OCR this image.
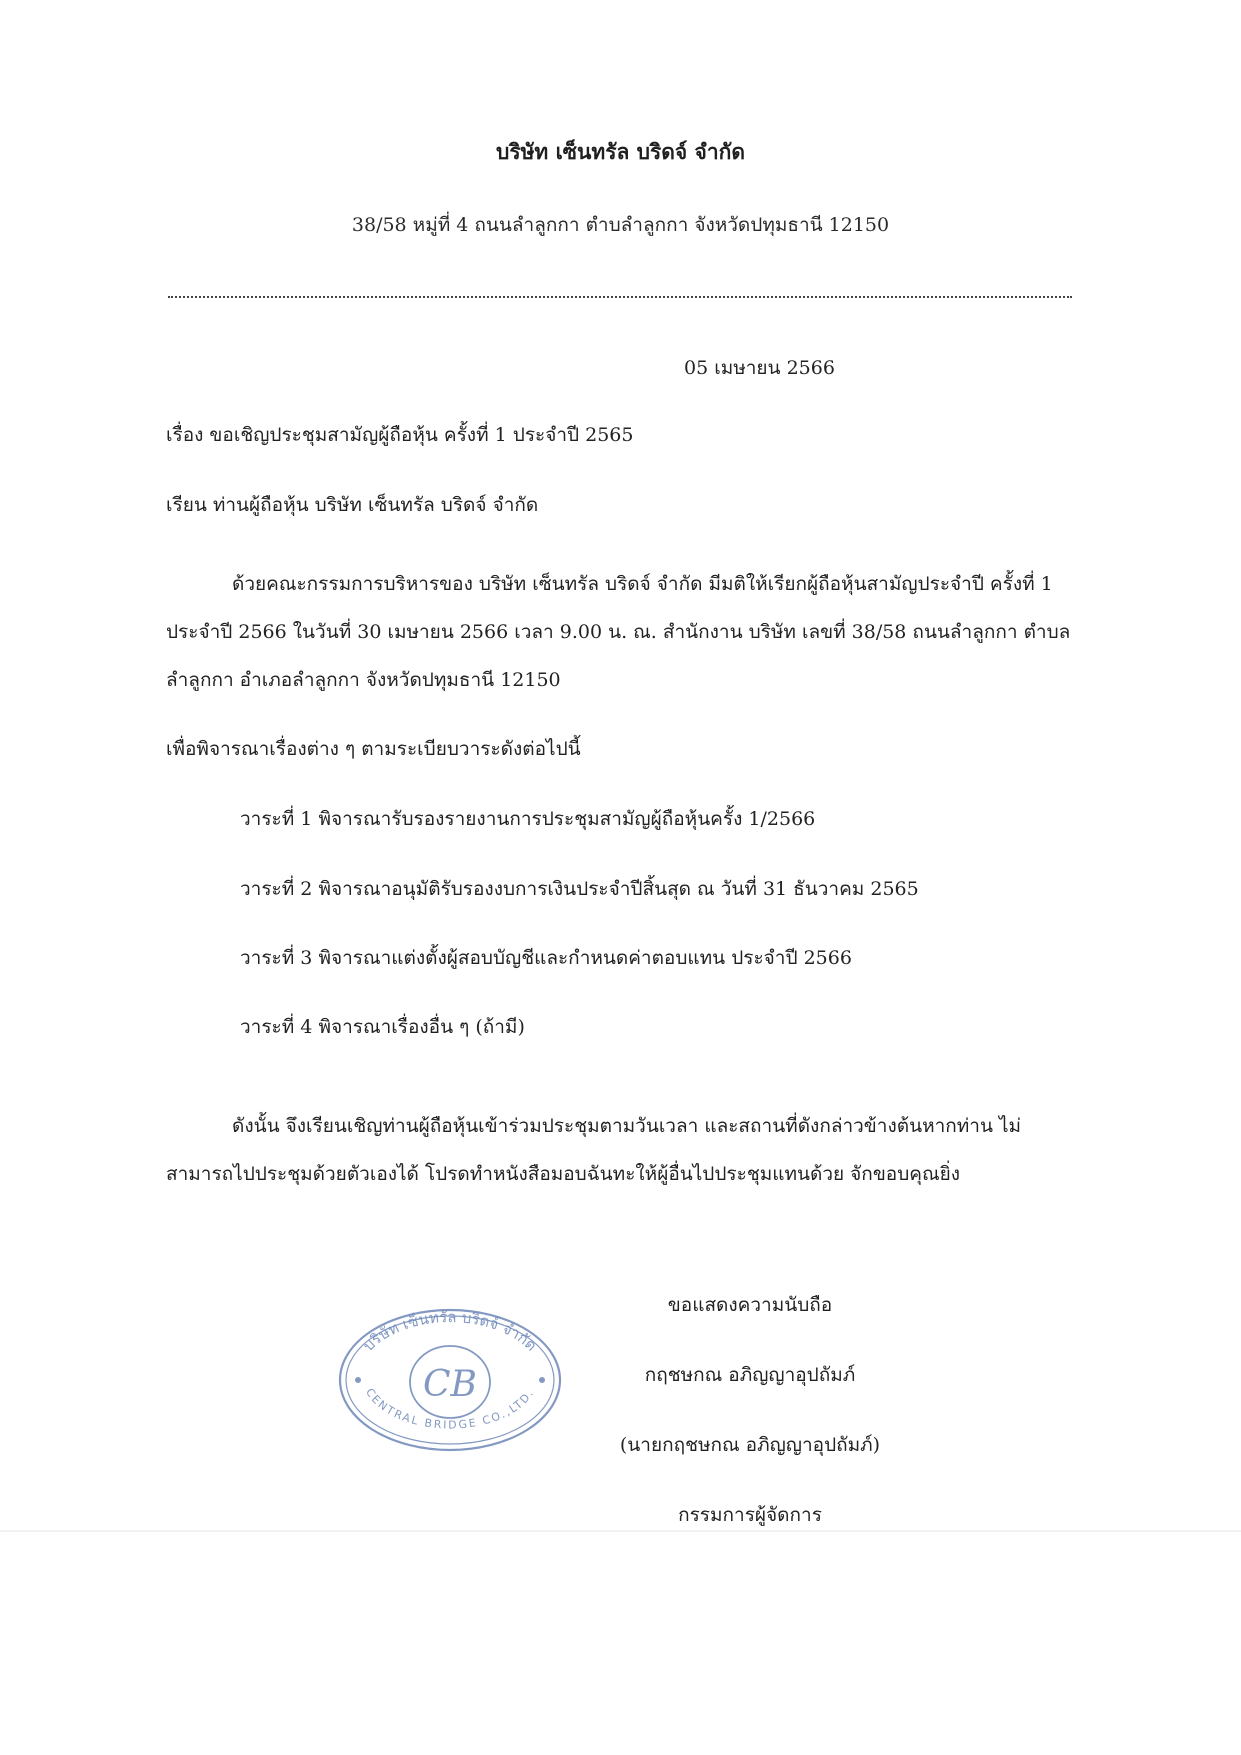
บริษัท เซ็นทรัล บริดจ์ จำกัด
38/58 หมู่ที่ 4 ถนนลำลูกกา ตำบลำลูกกา จังหวัดปทุมธานี 12150
05 เมษายน 2566
เรื่อง ขอเชิญประชุมสามัญผู้ถือหุ้น ครั้งที่ 1 ประจำปี 2565
เรียน ท่านผู้ถือหุ้น บริษัท เซ็นทรัล บริดจ์ จำกัด
ด้วยคณะกรรมการบริหารของ บริษัท เซ็นทรัล บริดจ์ จำกัด มีมติให้เรียกผู้ถือหุ้นสามัญประจำปี ครั้งที่ 1 ประจำปี 2566 ในวันที่ 30 เมษายน 2566 เวลา 9.00 น. ณ. สำนักงาน บริษัท เลขที่ 38/58 ถนนลำลูกกา ตำบลลำลูกกา อำเภอลำลูกกา จังหวัดปทุมธานี 12150
เพื่อพิจารณาเรื่องต่าง ๆ ตามระเบียบวาระดังต่อไปนี้
วาระที่ 1 พิจารณารับรองรายงานการประชุมสามัญผู้ถือหุ้นครั้ง 1/2566
วาระที่ 2 พิจารณาอนุมัติรับรองงบการเงินประจำปีสิ้นสุด ณ วันที่ 31 ธันวาคม 2565
วาระที่ 3 พิจารณาแต่งตั้งผู้สอบบัญชีและกำหนดค่าตอบแทน ประจำปี 2566
วาระที่ 4 พิจารณาเรื่องอื่น ๆ (ถ้ามี)
ดังนั้น จึงเรียนเชิญท่านผู้ถือหุ้นเข้าร่วมประชุมตามวันเวลา และสถานที่ดังกล่าวข้างต้นหากท่าน ไม่สามารถไปประชุมด้วยตัวเองได้ โปรดทำหนังสือมอบฉันทะให้ผู้อื่นไปประชุมแทนด้วย จักขอบคุณยิ่ง
บริษัท เซ็นทรัล บริดจ์ จำกัด
CENTRAL BRIDGE CO.,LTD.
CB
ขอแสดงความนับถือ
กฤชษกณ อภิญญาอุปถัมภ์
(นายกฤชษกณ อภิญญาอุปถัมภ์)
กรรมการผู้จัดการ
